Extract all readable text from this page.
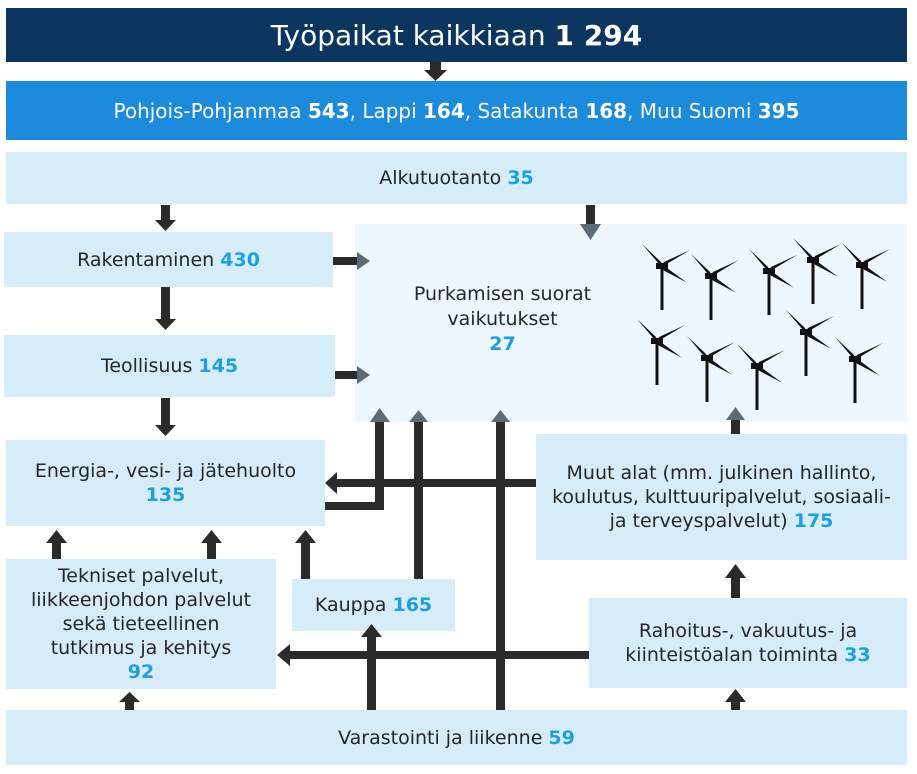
Työpaikat kaikkiaan 1 294
Pohjois-Pohjanmaa 543 , Lappi 164 , Satakunta 168 , Muu Suomi 395
Alkutuotanto 35
Rakentaminen 430
Teollisuus 145
Energia-, vesi- ja jätehuolto
135
Tekniset palvelut,
liikkeenjohdon palvelut
sekä tieteellinen
tutkimus ja kehitys
92
Kauppa 165
Muut alat (mm. julkinen hallinto,
koulutus, kulttuuripalvelut, sosiaali-
ja terveyspalvelut) 175
Rahoitus-, vakuutus- ja
kiinteistöalan toiminta 33
Varastointi ja liikenne 59
Purkamisen suorat
vaikutukset
27
